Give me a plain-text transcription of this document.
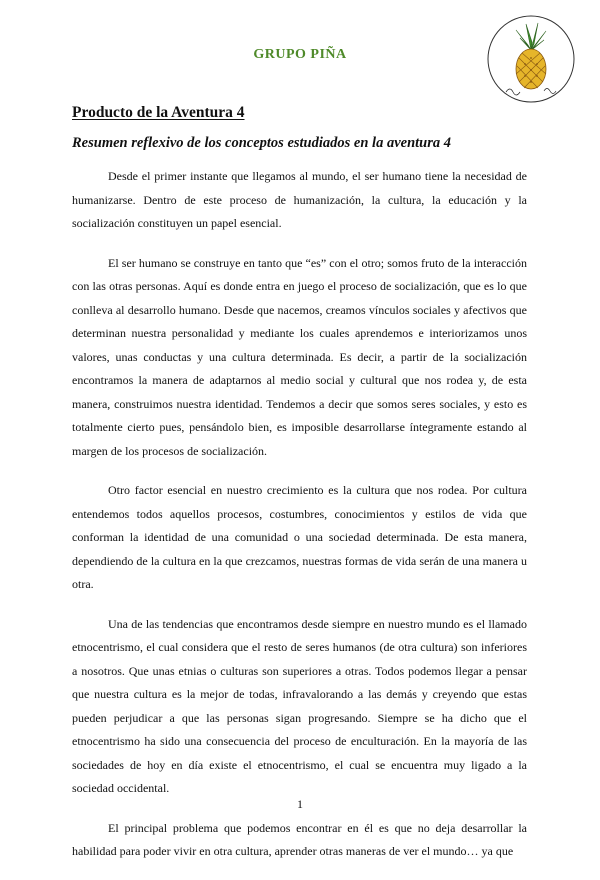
GRUPO PIÑA
Producto de la Aventura 4
Resumen reflexivo de los conceptos estudiados en la aventura 4

Desde el primer instante que llegamos al mundo, el ser humano tiene la necesidad de humanizarse. Dentro de este proceso de humanización, la cultura, la educación y la socialización constituyen un papel esencial.

El ser humano se construye en tanto que “es” con el otro; somos fruto de la interacción con las otras personas. Aquí es donde entra en juego el proceso de socialización, que es lo que conlleva al desarrollo humano. Desde que nacemos, creamos vínculos sociales y afectivos que determinan nuestra personalidad y mediante los cuales aprendemos e interiorizamos unos valores, unas conductas y una cultura determinada. Es decir, a partir de la socialización encontramos la manera de adaptarnos al medio social y cultural que nos rodea y, de esta manera, construimos nuestra identidad. Tendemos a decir que somos seres sociales, y esto es totalmente cierto pues, pensándolo bien, es imposible desarrollarse íntegramente estando al margen de los procesos de socialización.

Otro factor esencial en nuestro crecimiento es la cultura que nos rodea. Por cultura entendemos todos aquellos procesos, costumbres, conocimientos y estilos de vida que conforman la identidad de una comunidad o una sociedad determinada. De esta manera, dependiendo de la cultura en la que crezcamos, nuestras formas de vida serán de una manera u otra.

Una de las tendencias que encontramos desde siempre en nuestro mundo es el llamado etnocentrismo, el cual considera que el resto de seres humanos (de otra cultura) son inferiores a nosotros. Que unas etnias o culturas son superiores a otras. Todos podemos llegar a pensar que nuestra cultura es la mejor de todas, infravalorando a las demás y creyendo que estas pueden perjudicar a que las personas sigan progresando. Siempre se ha dicho que el etnocentrismo ha sido una consecuencia del proceso de enculturación. En la mayoría de las sociedades de hoy en día existe el etnocentrismo, el cual se encuentra muy ligado a la sociedad occidental.

El principal problema que podemos encontrar en él es que no deja desarrollar la habilidad para poder vivir en otra cultura, aprender otras maneras de ver el mundo… ya que

1
